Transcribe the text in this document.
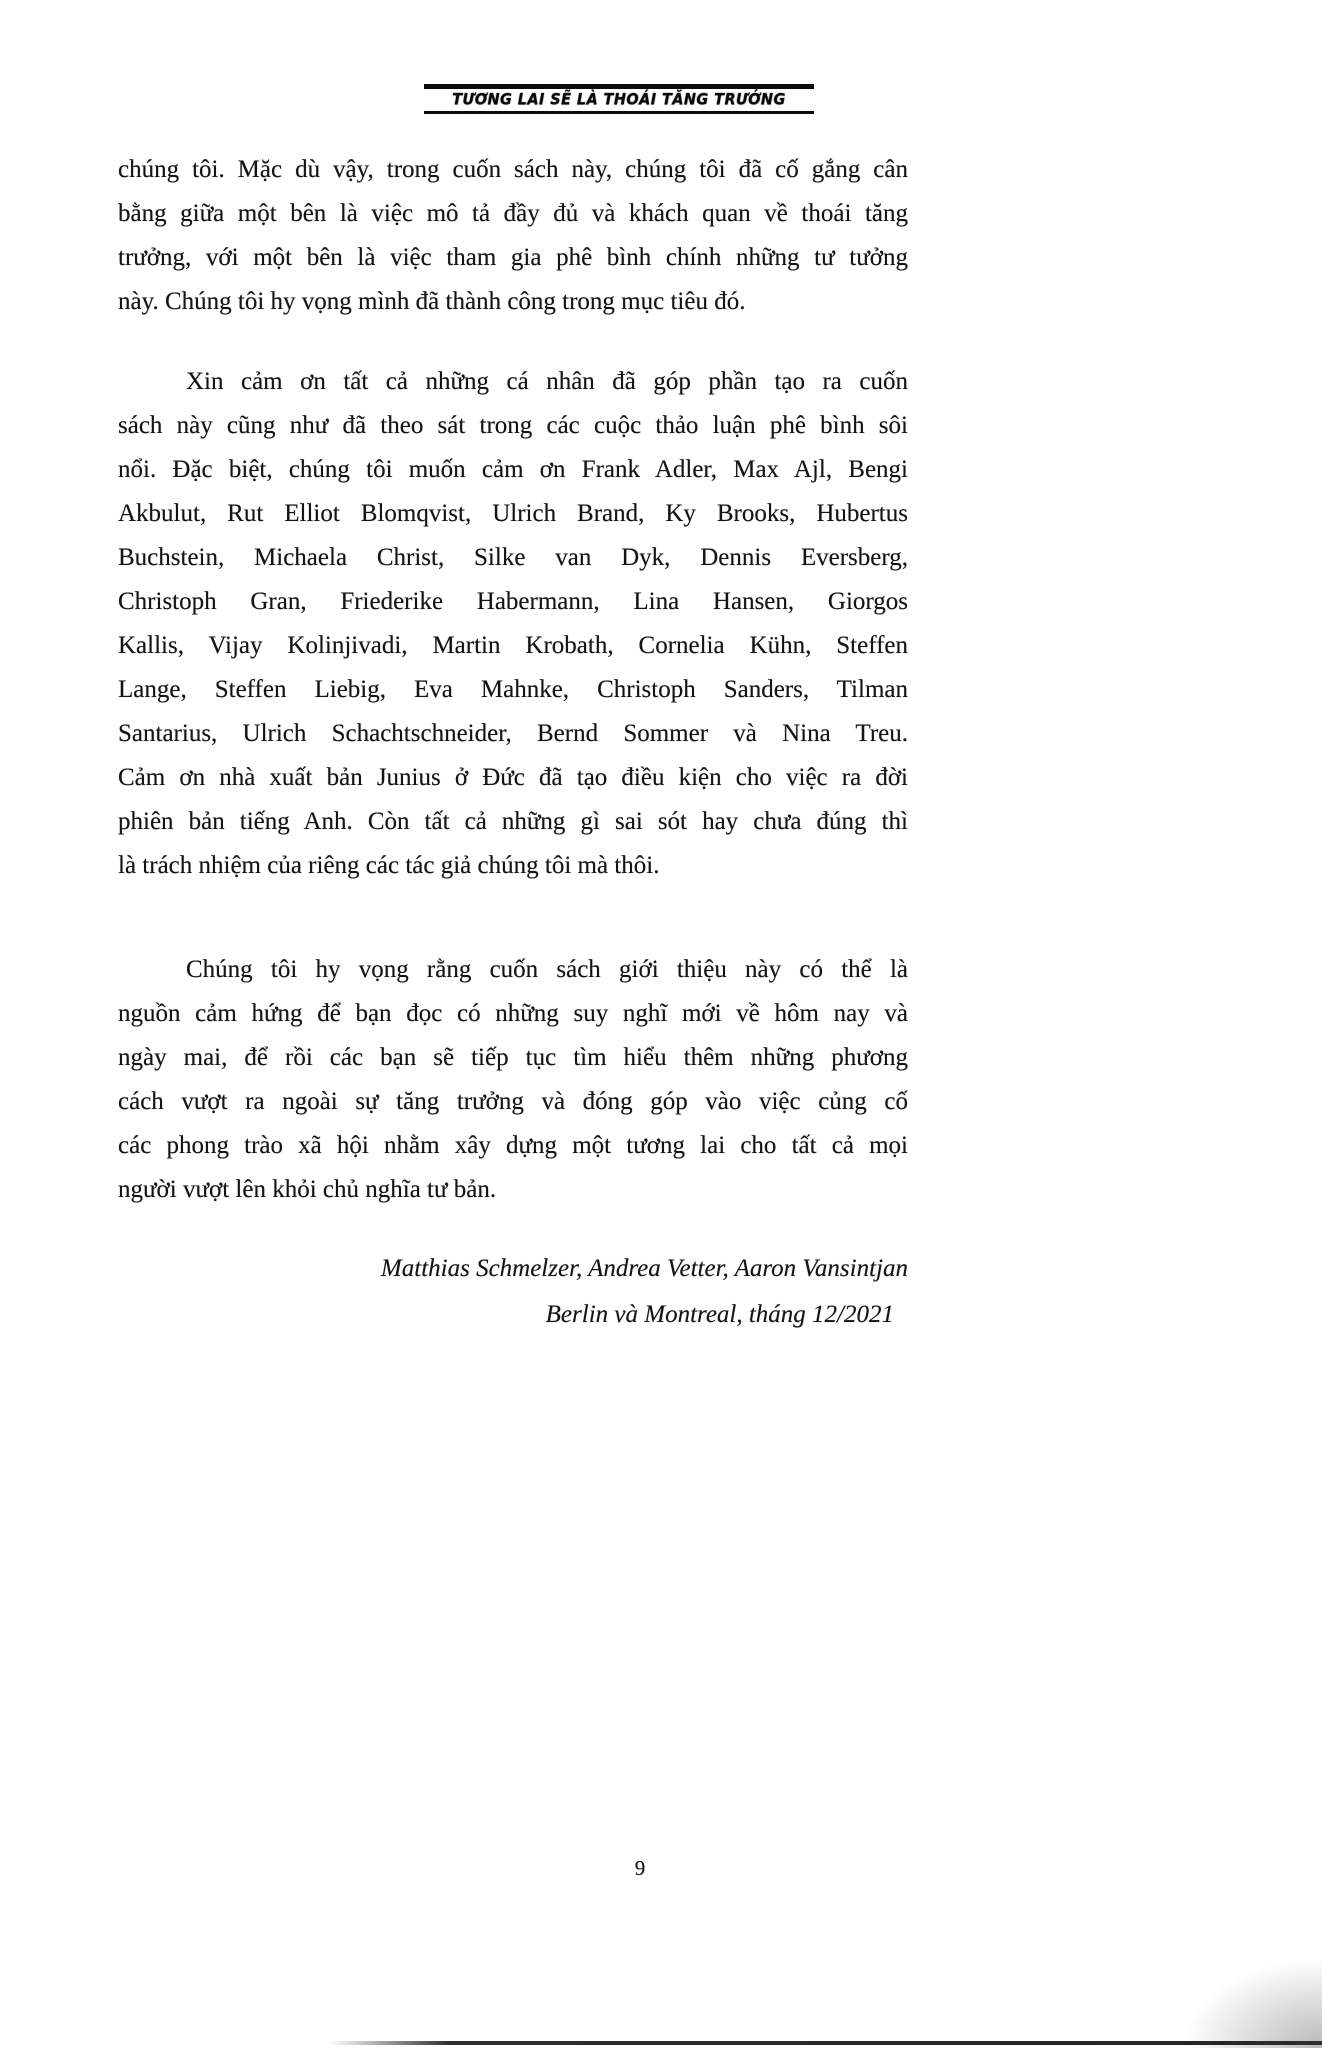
TƯƠNG LAI SẼ LÀ THOÁI TĂNG TRƯỞNG

chúng tôi. Mặc dù vậy, trong cuốn sách này, chúng tôi đã cố gắng cân
bằng giữa một bên là việc mô tả đầy đủ và khách quan về thoái tăng
trưởng, với một bên là việc tham gia phê bình chính những tư tưởng
này. Chúng tôi hy vọng mình đã thành công trong mục tiêu đó.

Xin cảm ơn tất cả những cá nhân đã góp phần tạo ra cuốn
sách này cũng như đã theo sát trong các cuộc thảo luận phê bình sôi
nổi. Đặc biệt, chúng tôi muốn cảm ơn Frank Adler, Max Ajl, Bengi
Akbulut, Rut Elliot Blomqvist, Ulrich Brand, Ky Brooks, Hubertus
Buchstein, Michaela Christ, Silke van Dyk, Dennis Eversberg,
Christoph Gran, Friederike Habermann, Lina Hansen, Giorgos
Kallis, Vijay Kolinjivadi, Martin Krobath, Cornelia Kühn, Steffen
Lange, Steffen Liebig, Eva Mahnke, Christoph Sanders, Tilman
Santarius, Ulrich Schachtschneider, Bernd Sommer và Nina Treu.
Cảm ơn nhà xuất bản Junius ở Đức đã tạo điều kiện cho việc ra đời
phiên bản tiếng Anh. Còn tất cả những gì sai sót hay chưa đúng thì
là trách nhiệm của riêng các tác giả chúng tôi mà thôi.

Chúng tôi hy vọng rằng cuốn sách giới thiệu này có thể là
nguồn cảm hứng để bạn đọc có những suy nghĩ mới về hôm nay và
ngày mai, để rồi các bạn sẽ tiếp tục tìm hiểu thêm những phương
cách vượt ra ngoài sự tăng trưởng và đóng góp vào việc củng cố
các phong trào xã hội nhằm xây dựng một tương lai cho tất cả mọi
người vượt lên khỏi chủ nghĩa tư bản.

Matthias Schmelzer, Andrea Vetter, Aaron Vansintjan
Berlin và Montreal, tháng 12/2021
9
